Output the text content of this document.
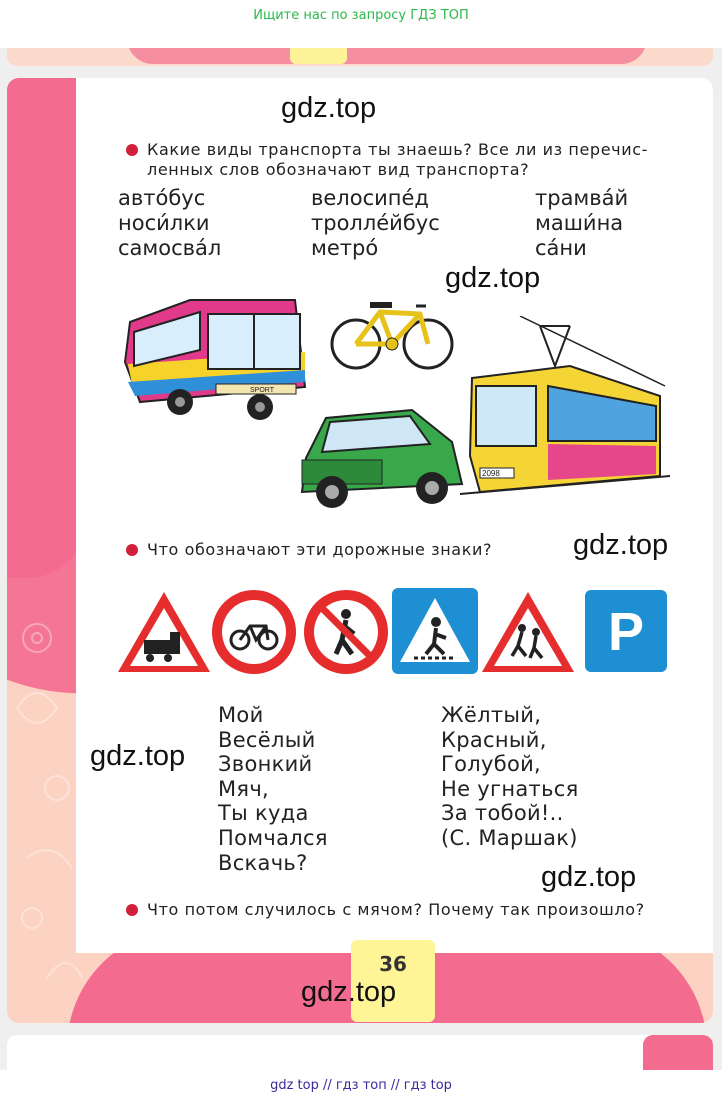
Ищите нас по запросу ГДЗ ТОП
gdz.top
Какие виды транспорта ты знаешь? Все ли из перечис-
ленных слов обозначают вид транспорта?
авто́бус
носи́лки
самосва́л
велосипе́д
тролле́йбус
метро́
трамва́й
маши́на
са́ни
gdz.top
SPORT
2098
Что обозначают эти дорожные знаки?	gdz.top
P
Мой
Весёлый
Звонкий
Мяч,
Ты куда
Помчался
Вскачь?
Жёлтый,
Красный,
Голубой,
Не угнаться
За тобой!..
(С. Маршак)
gdz.top
gdz.top
Что потом случилось с мячом? Почему так произошло?
36
gdz.top
gdz top // гдз топ // гдз top
